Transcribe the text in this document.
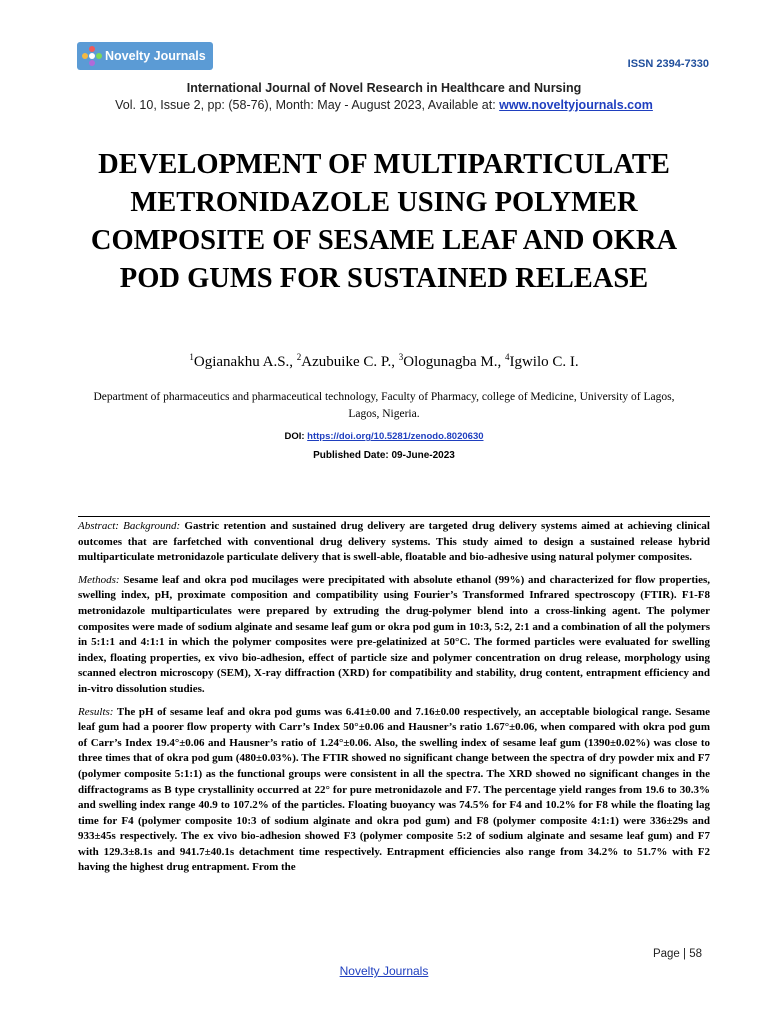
Novelty Journals
ISSN 2394-7330
International Journal of Novel Research in Healthcare and Nursing
Vol. 10, Issue 2, pp: (58-76), Month: May - August 2023, Available at: www.noveltyjournals.com
DEVELOPMENT OF MULTIPARTICULATE METRONIDAZOLE USING POLYMER COMPOSITE OF SESAME LEAF AND OKRA POD GUMS FOR SUSTAINED RELEASE
$^1$Ogianakhu A.S., $^2$Azubuike C. P., $^3$Ologunagba M., $^4$Igwilo C. I.
Department of pharmaceutics and pharmaceutical technology, Faculty of Pharmacy, college of Medicine, University of Lagos, Lagos, Nigeria.
DOI: https://doi.org/10.5281/zenodo.8020630
Published Date: 09-June-2023

Abstract: Background: Gastric retention and sustained drug delivery are targeted drug delivery systems aimed at achieving clinical outcomes that are farfetched with conventional drug delivery systems. This study aimed to design a sustained release hybrid multiparticulate metronidazole particulate delivery that is swell-able, floatable and bio-adhesive using natural polymer composites.

Methods: Sesame leaf and okra pod mucilages were precipitated with absolute ethanol (99%) and characterized for flow properties, swelling index, pH, proximate composition and compatibility using Fourier’s Transformed Infrared spectroscopy (FTIR). F1-F8 metronidazole multiparticulates were prepared by extruding the drug-polymer blend into a cross-linking agent. The polymer composites were made of sodium alginate and sesame leaf gum or okra pod gum in 10:3, 5:2, 2:1 and a combination of all the polymers in 5:1:1 and 4:1:1 in which the polymer composites were pre-gelatinized at 50°C. The formed particles were evaluated for swelling index, floating properties, ex vivo bio-adhesion, effect of particle size and polymer concentration on drug release, morphology using scanned electron microscopy (SEM), X-ray diffraction (XRD) for compatibility and stability, drug content, entrapment efficiency and in-vitro dissolution studies.

Results: The pH of sesame leaf and okra pod gums was 6.41±0.00 and 7.16±0.00 respectively, an acceptable biological range. Sesame leaf gum had a poorer flow property with Carr’s Index 50°±0.06 and Hausner’s ratio 1.67°±0.06, when compared with okra pod gum of Carr’s Index 19.4°±0.06 and Hausner’s ratio of 1.24°±0.06. Also, the swelling index of sesame leaf gum (1390±0.02%) was close to three times that of okra pod gum (480±0.03%). The FTIR showed no significant change between the spectra of dry powder mix and F7 (polymer composite 5:1:1) as the functional groups were consistent in all the spectra. The XRD showed no significant changes in the diffractograms as B type crystallinity occurred at 22° for pure metronidazole and F7. The percentage yield ranges from 19.6 to 30.3% and swelling index range 40.9 to 107.2% of the particles. Floating buoyancy was 74.5% for F4 and 10.2% for F8 while the floating lag time for F4 (polymer composite 10:3 of sodium alginate and okra pod gum) and F8 (polymer composite 4:1:1) were 336±29s and 933±45s respectively. The ex vivo bio-adhesion showed F3 (polymer composite 5:2 of sodium alginate and sesame leaf gum) and F7 with 129.3±8.1s and 941.7±40.1s detachment time respectively. Entrapment efficiencies also range from 34.2% to 51.7% with F2 having the highest drug entrapment. From the

Page | 58
Novelty Journals
